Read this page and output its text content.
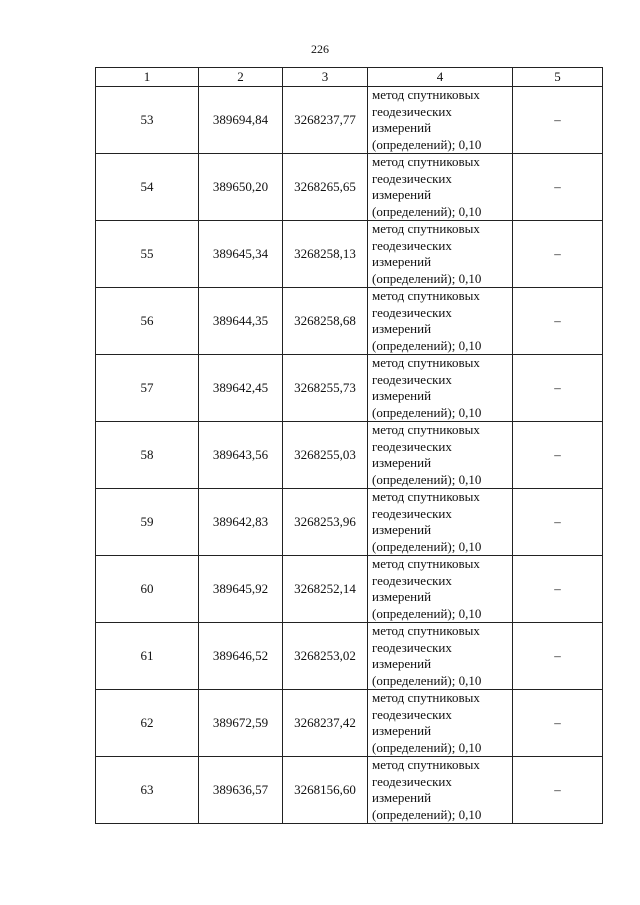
226
1	2	3	4	5
53	389694,84	3268237,77	метод спутниковых
геодезических
измерений
(определений); 0,10	–
54	389650,20	3268265,65	метод спутниковых
геодезических
измерений
(определений); 0,10	–
55	389645,34	3268258,13	метод спутниковых
геодезических
измерений
(определений); 0,10	–
56	389644,35	3268258,68	метод спутниковых
геодезических
измерений
(определений); 0,10	–
57	389642,45	3268255,73	метод спутниковых
геодезических
измерений
(определений); 0,10	–
58	389643,56	3268255,03	метод спутниковых
геодезических
измерений
(определений); 0,10	–
59	389642,83	3268253,96	метод спутниковых
геодезических
измерений
(определений); 0,10	–
60	389645,92	3268252,14	метод спутниковых
геодезических
измерений
(определений); 0,10	–
61	389646,52	3268253,02	метод спутниковых
геодезических
измерений
(определений); 0,10	–
62	389672,59	3268237,42	метод спутниковых
геодезических
измерений
(определений); 0,10	–
63	389636,57	3268156,60	метод спутниковых
геодезических
измерений
(определений); 0,10	–
